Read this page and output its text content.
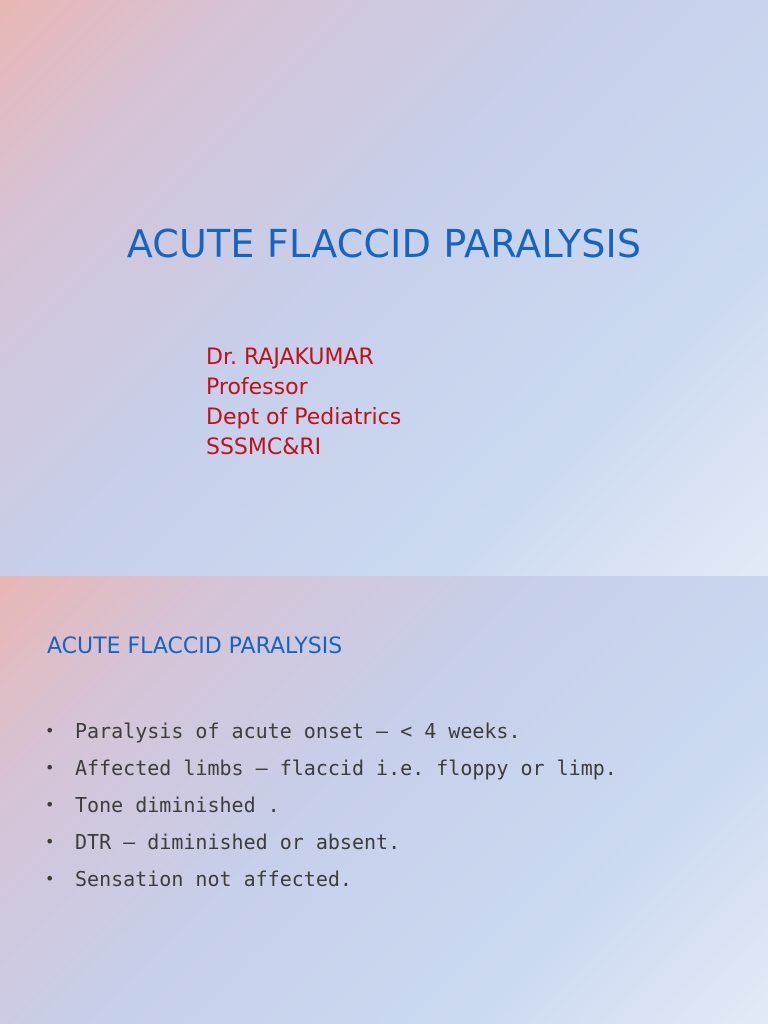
ACUTE FLACCID PARALYSIS
Dr. RAJAKUMAR
Professor
Dept of Pediatrics
SSSMC&RI
ACUTE FLACCID PARALYSIS
• Paralysis of acute onset – < 4 weeks.
• Affected limbs – flaccid i.e. floppy or limp.
• Tone diminished .
• DTR – diminished or absent.
• Sensation not affected.
